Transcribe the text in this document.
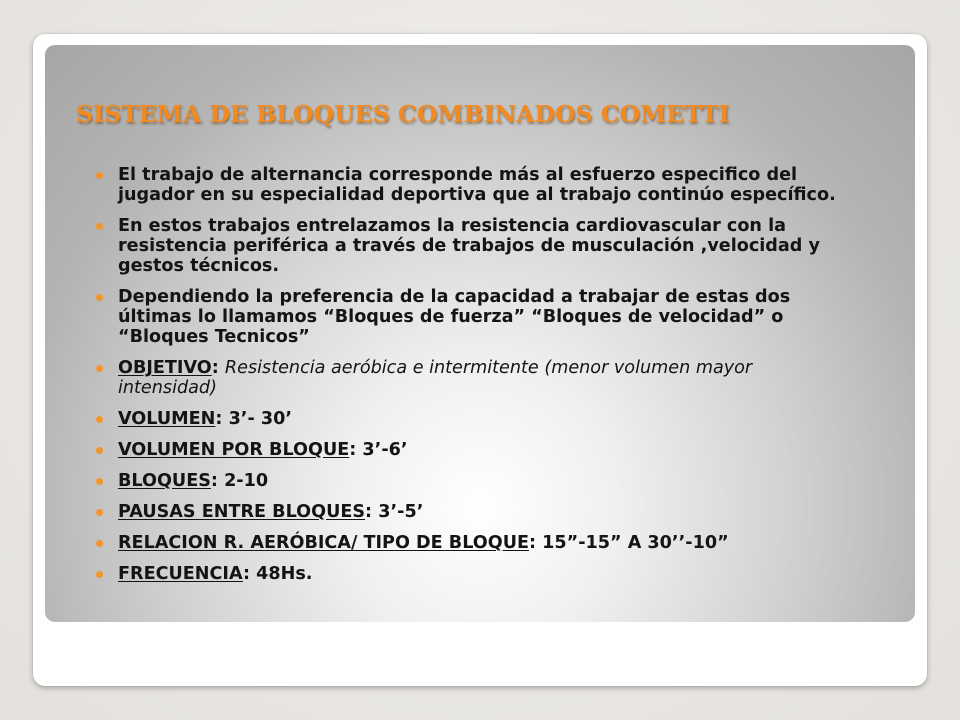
SISTEMA DE BLOQUES COMBINADOS COMETTI
El trabajo de alternancia corresponde más al esfuerzo especifico del jugador en su especialidad deportiva que al trabajo continúo específico.
En estos trabajos entrelazamos la resistencia cardiovascular con la resistencia periférica a través de trabajos de musculación ,velocidad y gestos técnicos.
Dependiendo la preferencia de la capacidad a trabajar de estas dos últimas lo llamamos “Bloques de fuerza” “Bloques de velocidad” o “Bloques Tecnicos”
OBJETIVO: Resistencia aeróbica e intermitente (menor volumen mayor intensidad)
VOLUMEN: 3’- 30’
VOLUMEN POR BLOQUE: 3’-6’
BLOQUES: 2-10
PAUSAS ENTRE BLOQUES: 3’-5’
RELACION R. AERÓBICA/ TIPO DE BLOQUE: 15”-15” A 30’’-10”
FRECUENCIA: 48Hs.
